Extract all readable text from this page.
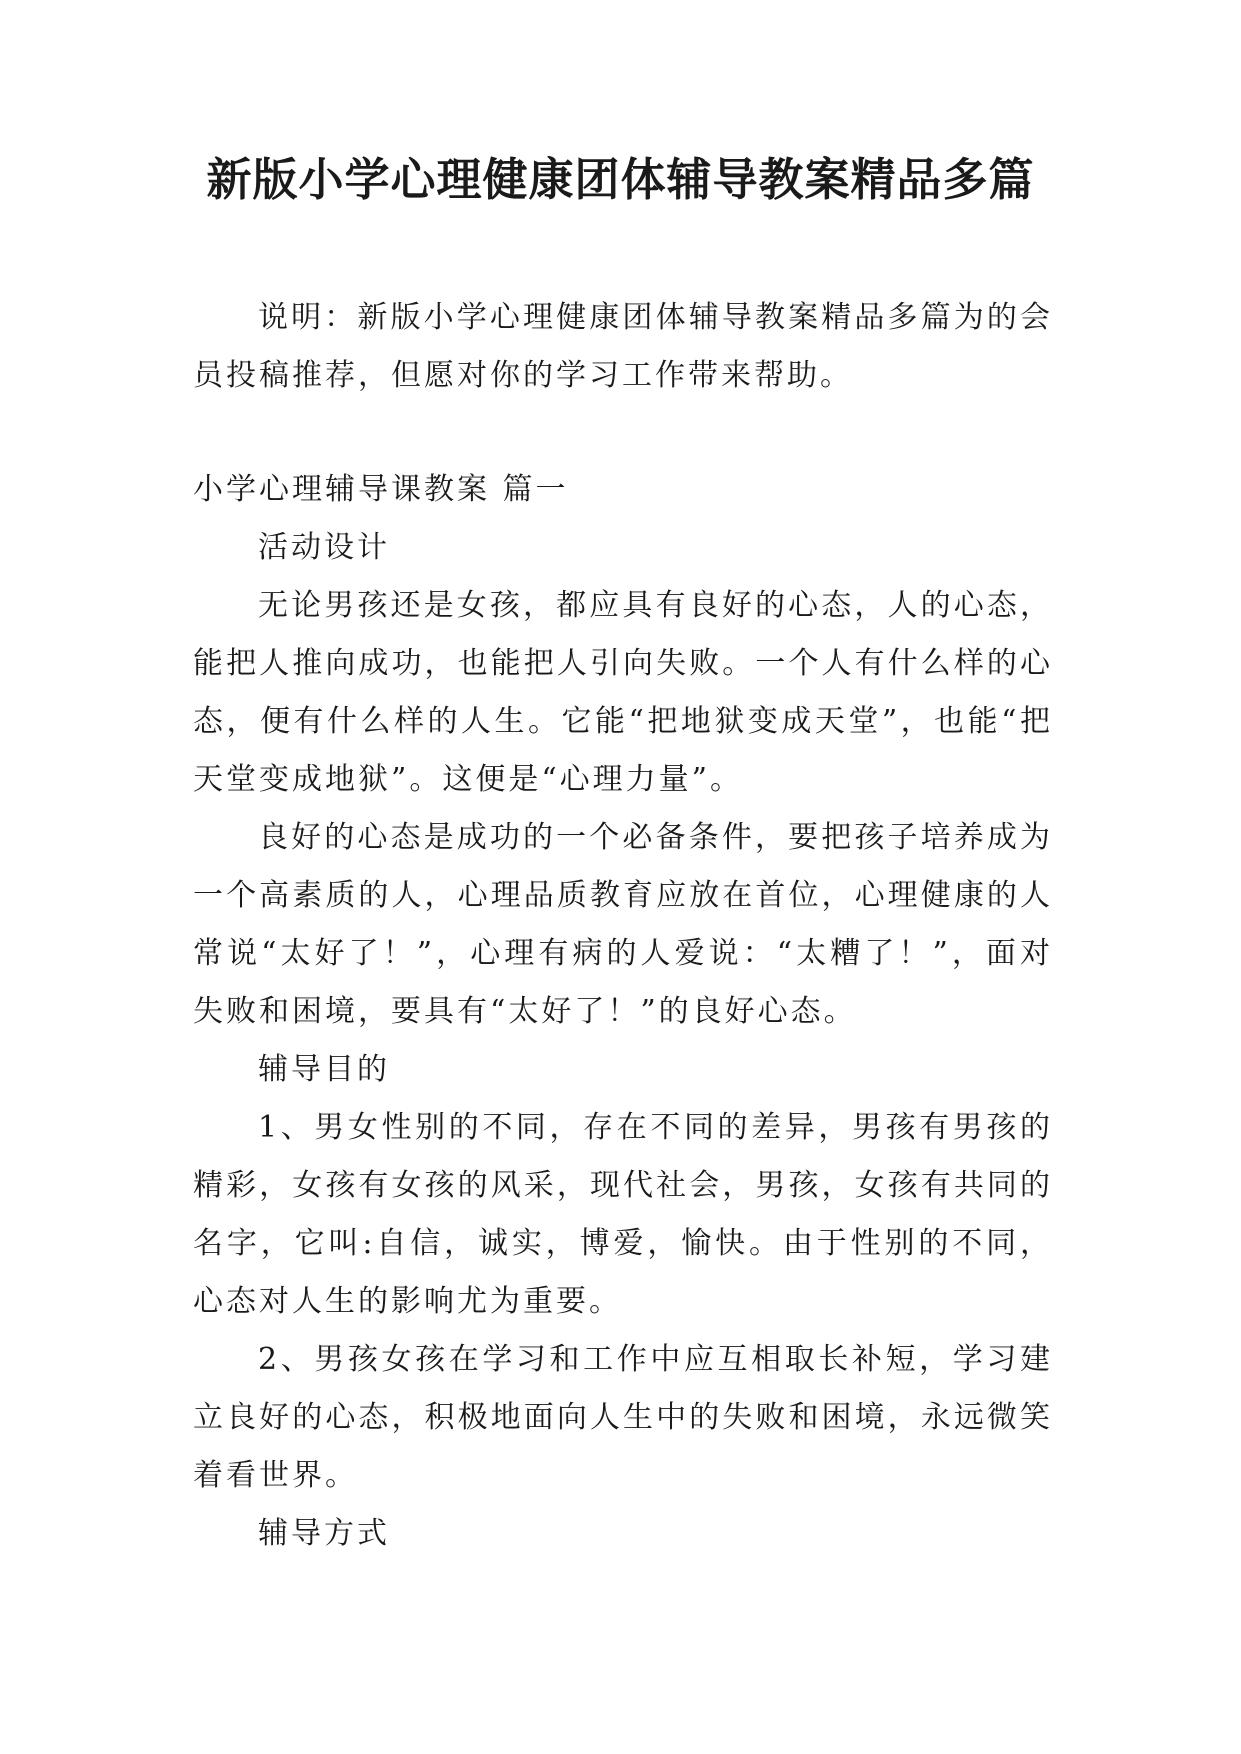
新版小学心理健康团体辅导教案精品多篇

说明：新版小学心理健康团体辅导教案精品多篇为的会员投稿推荐，但愿对你的学习工作带来帮助。

小学心理辅导课教案 篇一

活动设计

无论男孩还是女孩，都应具有良好的心态，人的心态，能把人推向成功，也能把人引向失败。一个人有什么样的心态，便有什么样的人生。它能“把地狱变成天堂”，也能“把天堂变成地狱”。这便是“心理力量”。

良好的心态是成功的一个必备条件，要把孩子培养成为一个高素质的人，心理品质教育应放在首位，心理健康的人常说“太好了！”，心理有病的人爱说：“太糟了！”，面对失败和困境，要具有“太好了！”的良好心态。

辅导目的

1、男女性别的不同，存在不同的差异，男孩有男孩的精彩，女孩有女孩的风采，现代社会，男孩，女孩有共同的名字，它叫:自信，诚实，博爱，愉快。由于性别的不同，心态对人生的影响尤为重要。

2、男孩女孩在学习和工作中应互相取长补短，学习建立良好的心态，积极地面向人生中的失败和困境，永远微笑着看世界。

辅导方式
